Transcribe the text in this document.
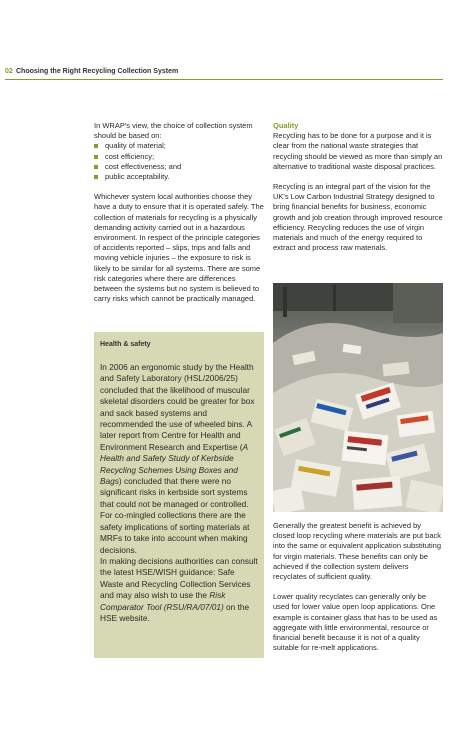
02 Choosing the Right Recycling Collection System

In WRAP's view, the choice of collection system should be based on:

quality of material;
cost efficiency;
cost effectiveness; and
public acceptability.

Whichever system local authorities choose they have a duty to ensure that it is operated safely. The collection of materials for recycling is a physically demanding activity carried out in a hazardous environment. In respect of the principle categories of accidents reported – slips, trips and falls and moving vehicle injuries – the exposure to risk is likely to be similar for all systems. There are some risk categories where there are differences between the systems but no system is believed to carry risks which cannot be practically managed.

Health & safety

In 2006 an ergonomic study by the Health and Safety Laboratory (HSL/2006/25) concluded that the likelihood of muscular skeletal disorders could be greater for box and sack based systems and recommended the use of wheeled bins. A later report from Centre for Health and Environment Research and Expertise (A Health and Safety Study of Kerbside Recycling Schemes Using Boxes and Bags) concluded that there were no significant risks in kerbside sort systems that could not be managed or controlled. For co-mingled collections there are the safety implications of sorting materials at MRFs to take into account when making decisions.

In making decisions authorities can consult the latest HSE/WISH guidance: Safe Waste and Recycling Collection Services and may also wish to use the Risk Comparator Tool (RSU/RA/07/01) on the HSE website.

Quality

Recycling has to be done for a purpose and it is clear from the national waste strategies that recycling should be viewed as more than simply an alternative to traditional waste disposal practices.

Recycling is an integral part of the vision for the UK's Low Carbon Industrial Strategy designed to bring financial benefits for business, economic growth and job creation through improved resource efficiency. Recycling reduces the use of virgin materials and much of the energy required to extract and process raw materials.

Generally the greatest benefit is achieved by closed loop recycling where materials are put back into the same or equivalent application substituting for virgin materials. These benefits can only be achieved if the collection system delivers recyclates of sufficient quality.

Lower quality recyclates can generally only be used for lower value open loop applications. One example is container glass that has to be used as aggregate with little environmental, resource or financial benefit because it is not of a quality suitable for re-melt applications.
